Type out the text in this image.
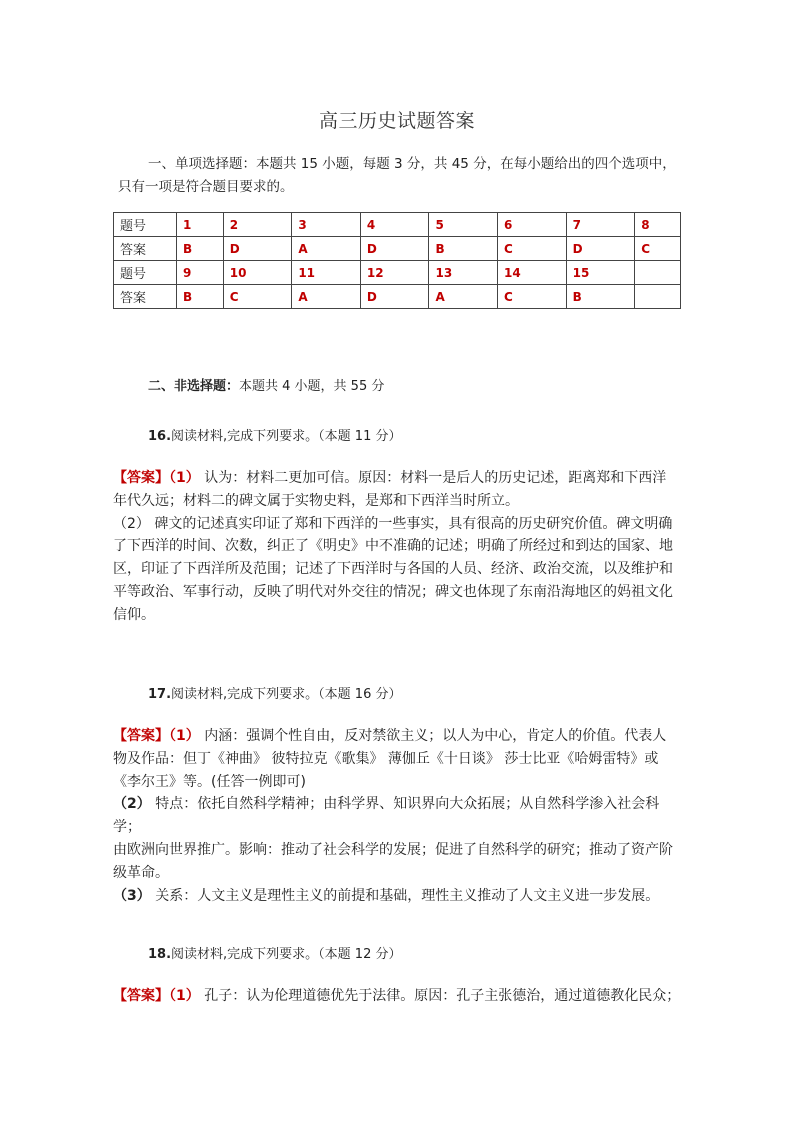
高三历史试题答案
一、单项选择题：本题共 15 小题，每题 3 分，共 45 分，在每小题给出的四个选项中，
只有一项是符合题目要求的。
题号	1	2	3	4	5	6	7	8
答案	B	D	A	D	B	C	D	C
题号	9	10	11	12	13	14	15	
答案	B	C	A	D	A	C	B	
二、非选择题：本题共 4 小题，共 55 分
16.阅读材料,完成下列要求。（本题 11 分）

【答案】（1） 认为：材料二更加可信。原因：材料一是后人的历史记述，距离郑和下西洋

年代久远；材料二的碑文属于实物史料，是郑和下西洋当时所立。

（2） 碑文的记述真实印证了郑和下西洋的一些事实，具有很高的历史研究价值。碑文明确

了下西洋的时间、次数，纠正了《明史》中不准确的记述；明确了所经过和到达的国家、地

区，印证了下西洋所及范围；记述了下西洋时与各国的人员、经济、政治交流，以及维护和

平等政治、军事行动，反映了明代对外交往的情况；碑文也体现了东南沿海地区的妈祖文化

信仰。

17.阅读材料,完成下列要求。（本题 16 分）

【答案】（1） 内涵：强调个性自由，反对禁欲主义；以人为中心，肯定人的价值。代表人

物及作品：但丁《神曲》 彼特拉克《歌集》 薄伽丘《十日谈》 莎士比亚《哈姆雷特》或

《李尔王》等。(任答一例即可)

（2） 特点：依托自然科学精神；由科学界、知识界向大众拓展；从自然科学渗入社会科学；

由欧洲向世界推广。影响：推动了社会科学的发展；促进了自然科学的研究；推动了资产阶

级革命。

（3） 关系：人文主义是理性主义的前提和基础，理性主义推动了人文主义进一步发展。

18.阅读材料,完成下列要求。（本题 12 分）

【答案】（1） 孔子：认为伦理道德优先于法律。原因：孔子主张德治，通过道德教化民众；
